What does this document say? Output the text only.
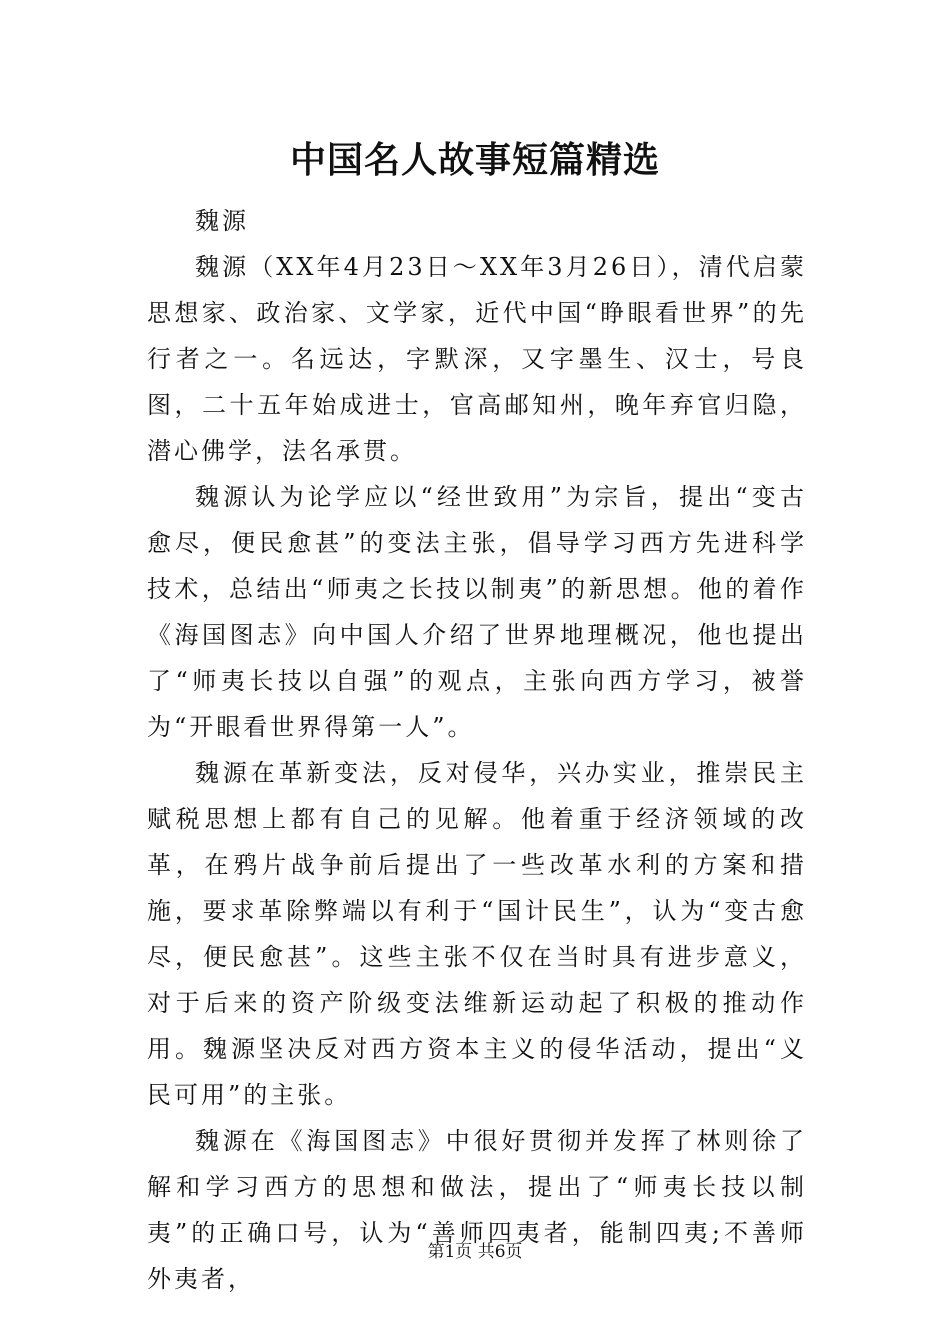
中国名人故事短篇精选

魏源

魏源（XX年4月23日～XX年3月26日），清代启蒙思想家、政治家、文学家，近代中国“睁眼看世界”的先行者之一。名远达，字默深，又字墨生、汉士，号良图，二十五年始成进士，官高邮知州，晚年弃官归隐，潜心佛学，法名承贯。

魏源认为论学应以“经世致用”为宗旨，提出“变古愈尽，便民愈甚”的变法主张，倡导学习西方先进科学技术，总结出“师夷之长技以制夷”的新思想。他的着作《海国图志》向中国人介绍了世界地理概况，他也提出了“师夷长技以自强”的观点，主张向西方学习，被誉为“开眼看世界得第一人”。

魏源在革新变法，反对侵华，兴办实业，推崇民主赋税思想上都有自己的见解。他着重于经济领域的改革，在鸦片战争前后提出了一些改革水利的方案和措施，要求革除弊端以有利于“国计民生”，认为“变古愈尽，便民愈甚”。这些主张不仅在当时具有进步意义，对于后来的资产阶级变法维新运动起了积极的推动作用。魏源坚决反对西方资本主义的侵华活动，提出“义民可用”的主张。

魏源在《海国图志》中很好贯彻并发挥了林则徐了解和学习西方的思想和做法，提出了“师夷长技以制夷”的正确口号，认为“善师四夷者，能制四夷;不善师外夷者，

第1页 共6页
